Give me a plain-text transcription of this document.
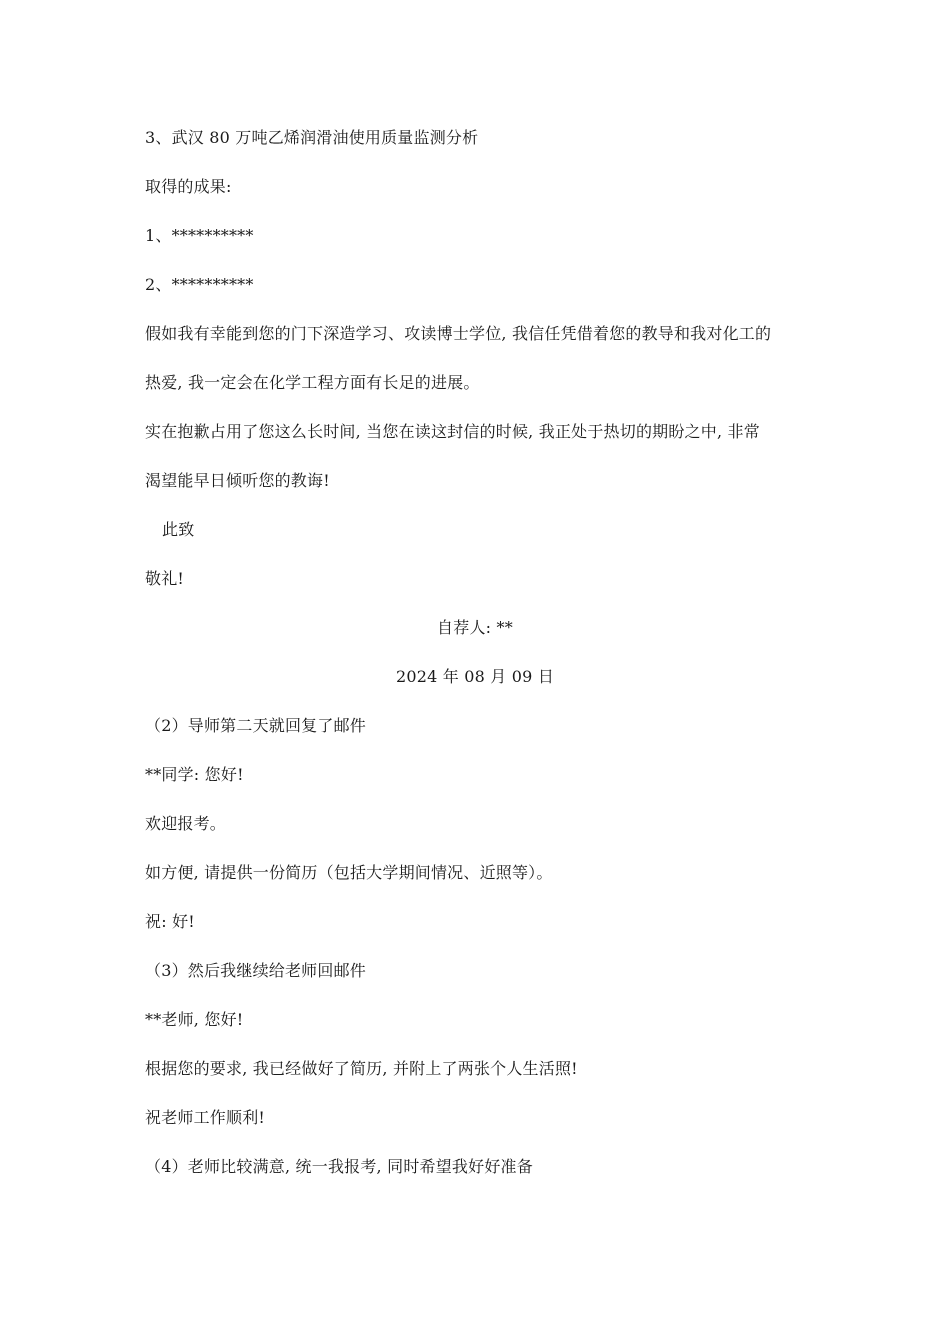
3、武汉 80 万吨乙烯润滑油使用质量监测分析
取得的成果:
1、**********
2、**********
假如我有幸能到您的门下深造学习、攻读博士学位, 我信任凭借着您的教导和我对化工的
热爱, 我一定会在化学工程方面有长足的进展。
实在抱歉占用了您这么长时间, 当您在读这封信的时候, 我正处于热切的期盼之中, 非常
渴望能早日倾听您的教诲!
此致
敬礼!
自荐人: **
2024 年 08 月 09 日
（2）导师第二天就回复了邮件
**同学: 您好!
欢迎报考。
如方便, 请提供一份简历（包括大学期间情况、近照等）。
祝: 好!
（3）然后我继续给老师回邮件
**老师, 您好!
根据您的要求, 我已经做好了简历, 并附上了两张个人生活照!
祝老师工作顺利!
（4）老师比较满意, 统一我报考, 同时希望我好好准备
